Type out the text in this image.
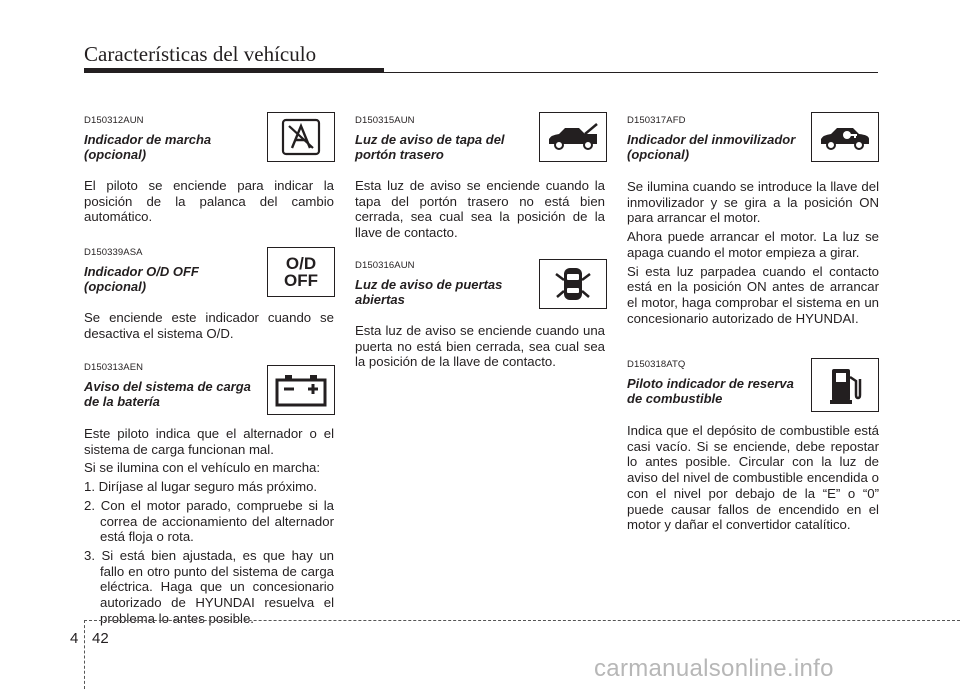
Características del vehículo
D150312AUN
Indicador de marcha (opcional)

El piloto se enciende para indicar la posición de la palanca del cambio automático.

D150339ASA
Indicador O/D OFF (opcional)

Se enciende este indicador cuando se desactiva el sistema O/D.

O/D
OFF
D150313AEN
Aviso del sistema de carga de la batería

Este piloto indica que el alternador o el sistema de carga funcionan mal.

Si se ilumina con el vehículo en marcha:

1. Diríjase al lugar seguro más próximo.
2. Con el motor parado, compruebe si la correa de accionamiento del alternador está floja o rota.
3. Si está bien ajustada, es que hay un fallo en otro punto del sistema de carga eléctrica. Haga que un concesionario autorizado de HYUNDAI resuelva el problema lo antes posible.
D150315AUN
Luz de aviso de tapa del portón trasero

Esta luz de aviso se enciende cuando la tapa del portón trasero no está bien cerrada, sea cual sea la posición de la llave de contacto.

D150316AUN
Luz de aviso de puertas abiertas

Esta luz de aviso se enciende cuando una puerta no está bien cerrada, sea cual sea la posición de la llave de contacto.

D150317AFD
Indicador del inmovilizador (opcional)

Se ilumina cuando se introduce la llave del inmovilizador y se gira a la posición ON para arrancar el motor.

Ahora puede arrancar el motor. La luz se apaga cuando el motor empieza a girar.

Si esta luz parpadea cuando el contacto está en la posición ON antes de arrancar el motor, haga comprobar el sistema en un concesionario autorizado de HYUNDAI.

D150318ATQ
Piloto indicador de reserva de combustible

Indica que el depósito de combustible está casi vacío. Si se enciende, debe repostar lo antes posible. Circular con la luz de aviso del nivel de combustible encendida o con el nivel por debajo de la “E” o “0” puede causar fallos de encendido en el motor y dañar el convertidor catalítico.

4 42
carmanualsonline.info
